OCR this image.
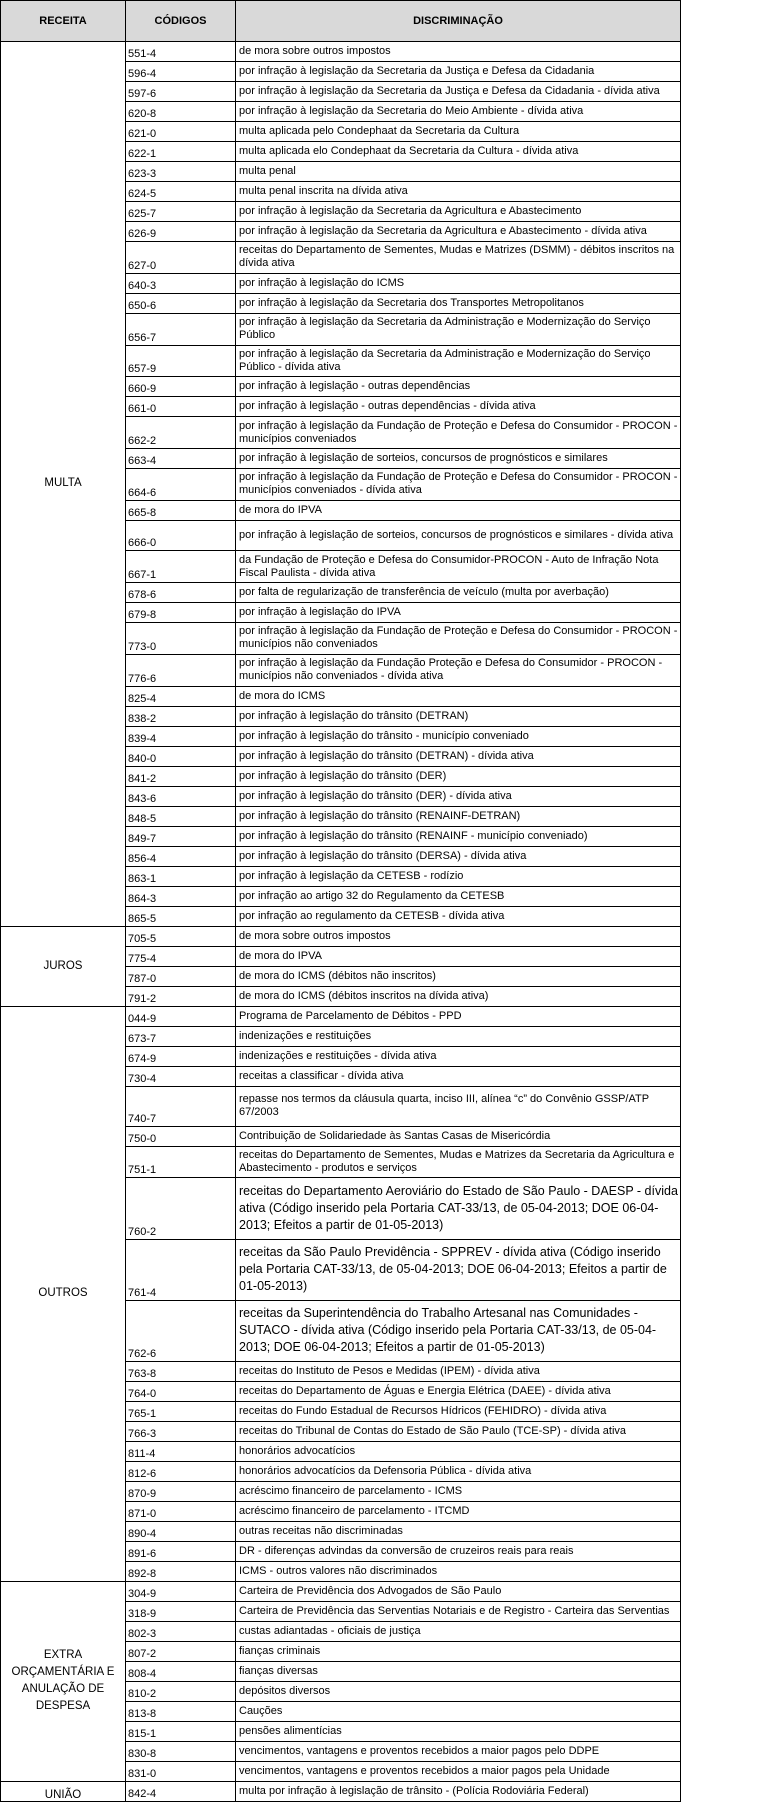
RECEITA	CÓDIGOS	DISCRIMINAÇÃO
MULTA	551-4	de mora sobre outros impostos
	596-4	por infração à legislação da Secretaria da Justiça e Defesa da Cidadania
	597-6	por infração à legislação da Secretaria da Justiça e Defesa da Cidadania - dívida ativa
	620-8	por infração à legislação da Secretaria do Meio Ambiente - dívida ativa
	621-0	multa aplicada pelo Condephaat da Secretaria da Cultura
	622-1	multa aplicada elo Condephaat da Secretaria da Cultura - dívida ativa
	623-3	multa penal
	624-5	multa penal inscrita na dívida ativa
	625-7	por infração à legislação da Secretaria da Agricultura e Abastecimento
	626-9	por infração à legislação da Secretaria da Agricultura e Abastecimento - dívida ativa
	627-0	receitas do Departamento de Sementes, Mudas e Matrizes (DSMM) - débitos inscritos na dívida ativa
	640-3	por infração à legislação do ICMS
	650-6	por infração à legislação da Secretaria dos Transportes Metropolitanos
	656-7	por infração à legislação da Secretaria da Administração e Modernização do Serviço Público
	657-9	por infração à legislação da Secretaria da Administração e Modernização do Serviço Público - dívida ativa
	660-9	por infração à legislação - outras dependências
	661-0	por infração à legislação - outras dependências - dívida ativa
	662-2	por infração à legislação da Fundação de Proteção e Defesa do Consumidor - PROCON - municípios conveniados
	663-4	por infração à legislação de sorteios, concursos de prognósticos e similares
	664-6	por infração à legislação da Fundação de Proteção e Defesa do Consumidor - PROCON - municípios conveniados - dívida ativa
	665-8	de mora do IPVA
	666-0	por infração à legislação de sorteios, concursos de prognósticos e similares - dívida ativa
	667-1	da Fundação de Proteção e Defesa do Consumidor-PROCON - Auto de Infração Nota Fiscal Paulista - dívida ativa
	678-6	por falta de regularização de transferência de veículo (multa por averbação)
	679-8	por infração à legislação do IPVA
	773-0	por infração à legislação da Fundação de Proteção e Defesa do Consumidor - PROCON - municípios não conveniados
	776-6	por infração à legislação da Fundação Proteção e Defesa do Consumidor - PROCON - municípios não conveniados - dívida ativa
	825-4	de mora do ICMS
	838-2	por infração à legislação do trânsito (DETRAN)
	839-4	por infração à legislação do trânsito - município conveniado
	840-0	por infração à legislação do trânsito (DETRAN) - dívida ativa
	841-2	por infração à legislação do trânsito (DER)
	843-6	por infração à legislação do trânsito (DER) - dívida ativa
	848-5	por infração à legislação do trânsito (RENAINF-DETRAN)
	849-7	por infração à legislação do trânsito (RENAINF - município conveniado)
	856-4	por infração à legislação do trânsito (DERSA) - dívida ativa
	863-1	por infração à legislação da CETESB - rodízio
	864-3	por infração ao artigo 32 do Regulamento da CETESB
	865-5	por infração ao regulamento da CETESB - dívida ativa
JUROS	705-5	de mora sobre outros impostos
	775-4	de mora do IPVA
	787-0	de mora do ICMS (débitos não inscritos)
	791-2	de mora do ICMS (débitos inscritos na dívida ativa)
OUTROS	044-9	Programa de Parcelamento de Débitos - PPD
	673-7	indenizações e restituições
	674-9	indenizações e restituições - dívida ativa
	730-4	receitas a classificar - dívida ativa
	740-7	repasse nos termos da cláusula quarta, inciso III, alínea “c” do Convênio GSSP/ATP 67/2003
	750-0	Contribuição de Solidariedade às Santas Casas de Misericórdia
	751-1	receitas do Departamento de Sementes, Mudas e Matrizes da Secretaria da Agricultura e Abastecimento - produtos e serviços
	760-2	receitas do Departamento Aeroviário do Estado de São Paulo - DAESP - dívida ativa (Código inserido pela Portaria CAT-33/13, de 05-04-2013; DOE 06-04-2013; Efeitos a partir de 01-05-2013)
	761-4	receitas da São Paulo Previdência - SPPREV - dívida ativa (Código inserido pela Portaria CAT-33/13, de 05-04-2013; DOE 06-04-2013; Efeitos a partir de 01-05-2013)
	762-6	receitas da Superintendência do Trabalho Artesanal nas Comunidades - SUTACO - dívida ativa (Código inserido pela Portaria CAT-33/13, de 05-04-2013; DOE 06-04-2013; Efeitos a partir de 01-05-2013)
	763-8	receitas do Instituto de Pesos e Medidas (IPEM) - dívida ativa
	764-0	receitas do Departamento de Águas e Energia Elétrica (DAEE) - dívida ativa
	765-1	receitas do Fundo Estadual de Recursos Hídricos (FEHIDRO) - dívida ativa
	766-3	receitas do Tribunal de Contas do Estado de São Paulo (TCE-SP) - dívida ativa
	811-4	honorários advocatícios
	812-6	honorários advocatícios da Defensoria Pública - dívida ativa
	870-9	acréscimo financeiro de parcelamento - ICMS
	871-0	acréscimo financeiro de parcelamento - ITCMD
	890-4	outras receitas não discriminadas
	891-6	DR - diferenças advindas da conversão de cruzeiros reais para reais
	892-8	ICMS - outros valores não discriminados
EXTRA ORÇAMENTÁRIA E ANULAÇÃO DE DESPESA	304-9	Carteira de Previdência dos Advogados de São Paulo
	318-9	Carteira de Previdência das Serventias Notariais e de Registro - Carteira das Serventias
	802-3	custas adiantadas - oficiais de justiça
	807-2	fianças criminais
	808-4	fianças diversas
	810-2	depósitos diversos
	813-8	Cauções
	815-1	pensões alimentícias
	830-8	vencimentos, vantagens e proventos recebidos a maior pagos pelo DDPE
	831-0	vencimentos, vantagens e proventos recebidos a maior pagos pela Unidade
UNIÃO	842-4	multa por infração à legislação de trânsito - (Polícia Rodoviária Federal)
